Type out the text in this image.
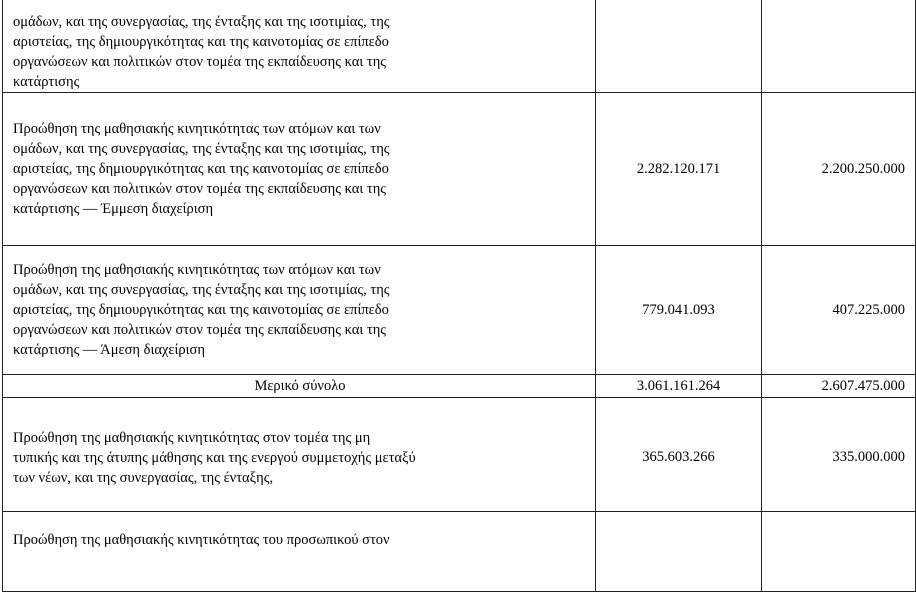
ομάδων, και της συνεργασίας, της ένταξης και της ισοτιμίας, της
αριστείας, της δημιουργικότητας και της καινοτομίας σε επίπεδο
οργανώσεων και πολιτικών στον τομέα της εκπαίδευσης και της
κατάρτισης		

Προώθηση της μαθησιακής κινητικότητας των ατόμων και των
ομάδων, και της συνεργασίας, της ένταξης και της ισοτιμίας, της
αριστείας, της δημιουργικότητας και της καινοτομίας σε επίπεδο
οργανώσεων και πολιτικών στον τομέα της εκπαίδευσης και της
κατάρτισης — Έμμεση διαχείριση	2.282.120.171	2.200.250.000

Προώθηση της μαθησιακής κινητικότητας των ατόμων και των
ομάδων, και της συνεργασίας, της ένταξης και της ισοτιμίας, της
αριστείας, της δημιουργικότητας και της καινοτομίας σε επίπεδο
οργανώσεων και πολιτικών στον τομέα της εκπαίδευσης και της
κατάρτισης — Άμεση διαχείριση	779.041.093	407.225.000
Μερικό σύνολο	3.061.161.264	2.607.475.000

Προώθηση της μαθησιακής κινητικότητας στον τομέα της μη
τυπικής και της άτυπης μάθησης και της ενεργού συμμετοχής μεταξύ
των νέων, και της συνεργασίας, της ένταξης,	365.603.266	335.000.000

Προώθηση της μαθησιακής κινητικότητας του προσωπικού στον		
